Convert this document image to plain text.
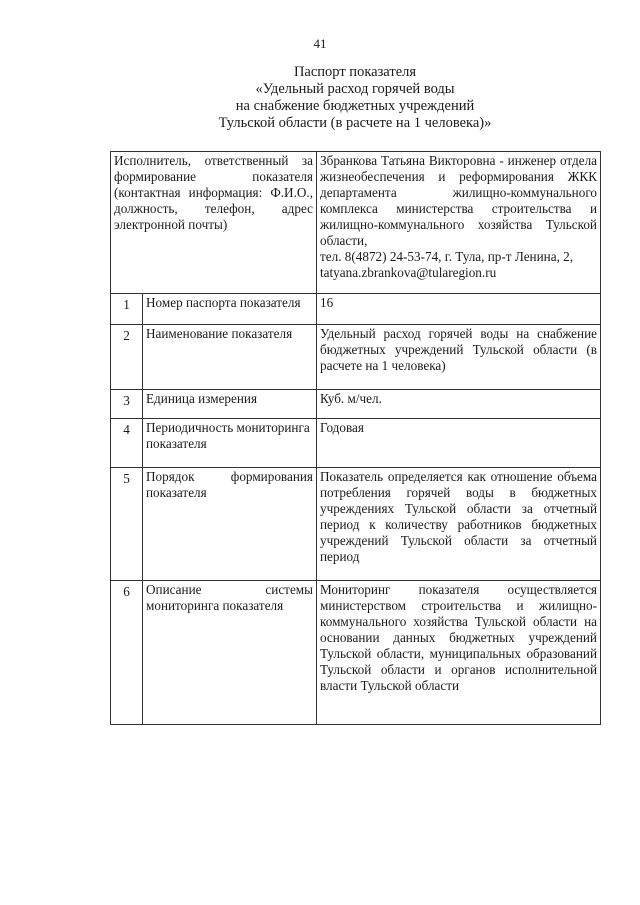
41
Паспорт показателя
«Удельный расход горячей воды
на снабжение бюджетных учреждений
Тульской области (в расчете на 1 человека)»
Исполнитель, ответственный за формирование показателя (контактная информация: Ф.И.О., должность, телефон, адрес электронной почты)		Збранкова Татьяна Викторовна - инженер отдела жизнеобеспечения и реформирования ЖКК департамента жилищно-коммунального комплекса министерства строительства и жилищно-коммунального хозяйства Тульской области,
тел. 8(4872) 24-53-74, г. Тула, пр-т Ленина, 2,
tatyana.zbrankova@tularegion.ru

1	Номер паспорта показателя	16
2	Наименование показателя	Удельный расход горячей воды на снабжение бюджетных учреждений Тульской области (в расчете на 1 человека)
3	Единица измерения	Куб. м/чел.
4	Периодичность мониторинга показателя	Годовая
5	Порядок формирования показателя	Показатель определяется как отношение объема потребления горячей воды в бюджетных учреждениях Тульской области за отчетный период к количеству работников бюджетных учреждений Тульской области за отчетный период
6	Описание системы мониторинга показателя	Мониторинг показателя осуществляется министерством строительства и жилищно-коммунального хозяйства Тульской области на основании данных бюджетных учреждений Тульской области, муниципальных образований Тульской области и органов исполнительной власти Тульской области
